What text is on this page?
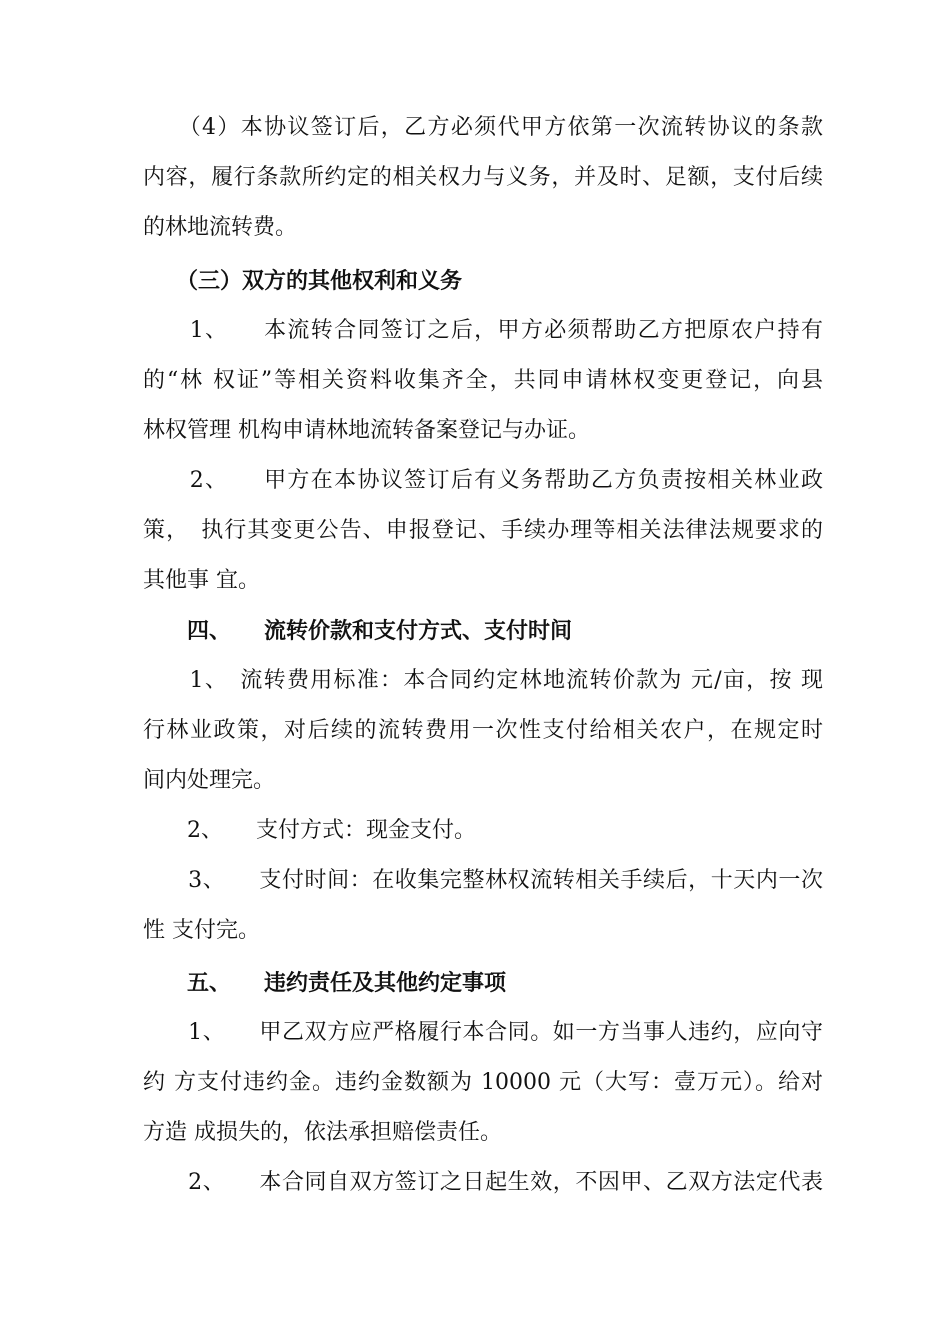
　　（4）本协议签订后，乙方必须代甲方依第一次流转协议的条款
内容，履行条款所约定的相关权力与义务，并及时、足额，支付后续
的林地流转费。
　　（三）双方的其他权利和义务
　　1、　　本流转合同签订之后，甲方必须帮助乙方把原农户持有
的“林 权证”等相关资料收集齐全，共同申请林权变更登记，向县
林权管理 机构申请林地流转备案登记与办证。
　　2、　　甲方在本协议签订后有义务帮助乙方负责按相关林业政
策，　执行其变更公告、申报登记、手续办理等相关法律法规要求的
其他事 宜。
　　四、　　流转价款和支付方式、支付时间
　　1、　流转费用标准：本合同约定林地流转价款为 元/亩，按 现
行林业政策，对后续的流转费用一次性支付给相关农户，在规定时
间内处理完。
　　2、　　支付方式：现金支付。
　　3、　　支付时间：在收集完整林权流转相关手续后，十天内一次
性 支付完。
　　五、　　违约责任及其他约定事项
　　1、　　甲乙双方应严格履行本合同。如一方当事人违约，应向守
约 方支付违约金。违约金数额为 10000 元（大写：壹万元）。给对
方造 成损失的，依法承担赔偿责任。
　　2、　　本合同自双方签订之日起生效，不因甲、乙双方法定代表
